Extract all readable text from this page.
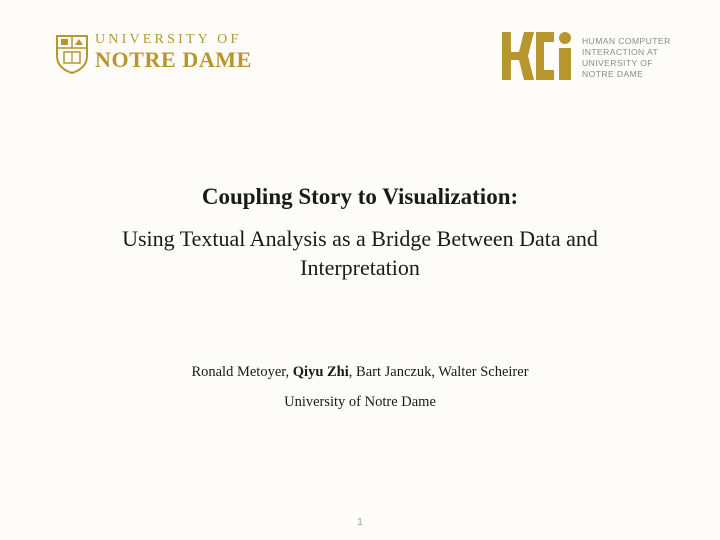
UNIVERSITY OF
NOTRE DAME
HUMAN COMPUTER
INTERACTION AT
UNIVERSITY OF
NOTRE DAME
Coupling Story to Visualization:
Using Textual Analysis as a Bridge Between Data and Interpretation
Ronald Metoyer, Qiyu Zhi, Bart Janczuk, Walter Scheirer
University of Notre Dame
1
